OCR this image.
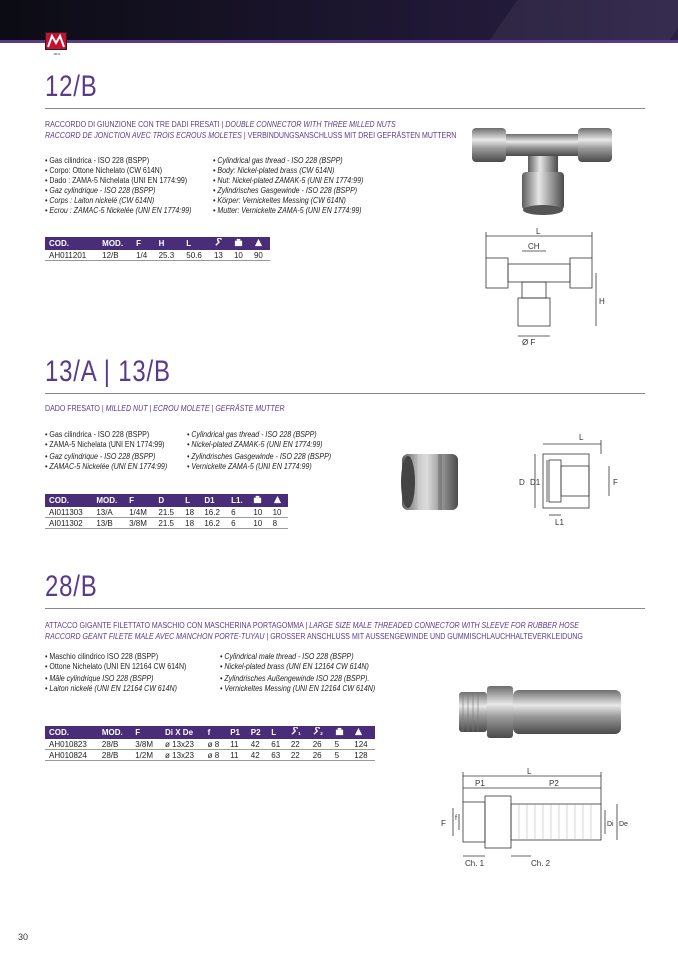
MFG
12/B
RACCORDO DI GIUNZIONE CON TRE DADI FRESATI | DOUBLE CONNECTOR WITH THREE MILLED NUTS
RACCORD DE JONCTION AVEC TROIS ECROUS MOLETES | VERBINDUNGSANSCHLUSS MIT DREI GEFRÄSTEN MUTTERN
• Gas cilindrica - ISO 228 (BSPP)
• Corpo: Ottone Nichelato (CW 614N)
• Dado : ZAMA-5 Nichelata (UNI EN 1774:99)
• Gaz cylindrique - ISO 228 (BSPP)
• Corps : Laiton nickelé (CW 614N)
• Ecrou : ZAMAC-5 Nickelée (UNI EN 1774:99)
• Cylindrical gas thread - ISO 228 (BSPP)
• Body: Nickel-plated brass (CW 614N)
• Nut: Nickel-plated ZAMAK-5 (UNI EN 1774:99)
• Zylindrisches Gasgewinde - ISO 228 (BSPP)
• Körper: Vernickeltes Messing (CW 614N)
• Mutter: Vernickelte ZAMA-5 (UNI EN 1774:99)
COD.	MOD.	F	H	L			
AH011201	12/B	1/4	25.3	50.6	13	10	90
L
CH
H
Ø F
13/A | 13/B
DADO FRESATO | MILLED NUT | ECROU MOLETE | GEFRÄSTE MUTTER
• Gas cilindrica - ISO 228 (BSPP)
• ZAMA-5 Nichelata (UNI EN 1774:99)
• Gaz cylindrique - ISO 228 (BSPP)
• ZAMAC-5 Nickelée (UNI EN 1774:99)
• Cylindrical gas thread - ISO 228 (BSPP)
• Nickel-plated ZAMAK-5 (UNI EN 1774:99)
• Zylindrisches Gasgewinde - ISO 228 (BSPP)
• Vernickelte ZAMA-5 (UNI EN 1774:99)
COD.	MOD.	F	D	L	D1	L1.		
AI011303	13/A	1/4M	21.5	18	16.2	6	10	10
AI011302	13/B	3/8M	21.5	18	16.2	6	10	8
L
D D1	F
L1
28/B
ATTACCO GIGANTE FILETTATO MASCHIO CON MASCHERINA PORTAGOMMA | LARGE SIZE MALE THREADED CONNECTOR WITH SLEEVE FOR RUBBER HOSE
RACCORD GEANT FILETE MALE AVEC MANCHON PORTE-TUYAU | GROSSER ANSCHLUSS MIT AUSSENGEWINDE UND GUMMISCHLAUCHHALTEVERKLEIDUNG
• Maschio cilindrico ISO 228 (BSPP)
• Ottone Nichelato (UNI EN 12164 CW 614N)
• Mâle cylindrique ISO 228 (BSPP)
• Laiton nickelé (UNI EN 12164 CW 614N)
• Cylindrical male thread - ISO 228 (BSPP)
• Nickel-plated brass (UNI EN 12164 CW 614N)
• Zylindrisches Außengewinde ISO 228 (BSPP).
• Vernickeltes Messing (UNI EN 12164 CW 614N)
COD.	MOD.	F	Di X De	f	P1	P2	L	1	2

AH010823	28/B	3/8M	ø 13x23	ø 8	11	42	61	22	26	5	124
AH010824	28/B	1/2M	ø 13x23	ø 8	11	42	63	22	26	5	128
L
P1	P2
F
f
Di De
Ch. 1	Ch. 2
30
